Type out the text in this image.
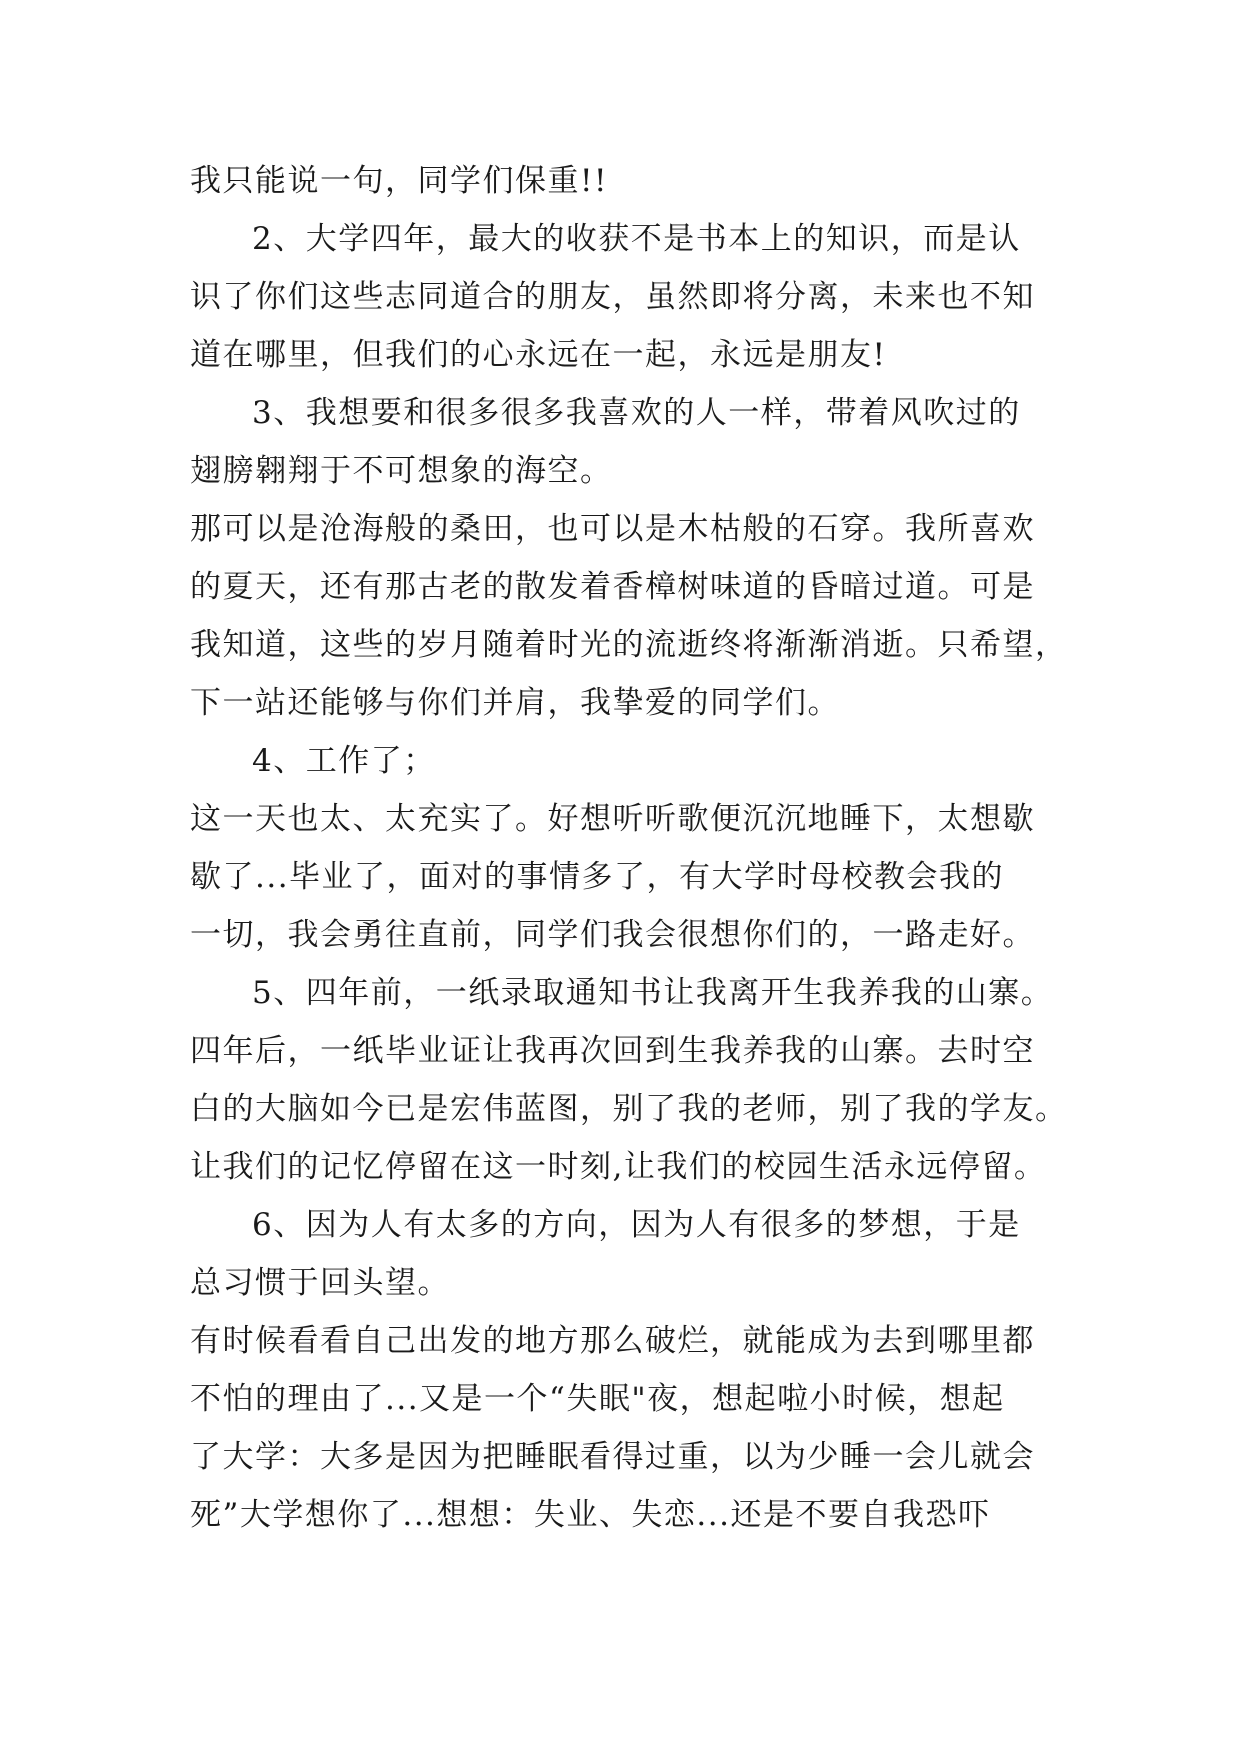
我只能说一句，同学们保重!!
2、大学四年，最大的收获不是书本上的知识，而是认
识了你们这些志同道合的朋友，虽然即将分离，未来也不知
道在哪里，但我们的心永远在一起，永远是朋友!
3、我想要和很多很多我喜欢的人一样，带着风吹过的
翅膀翱翔于不可想象的海空。
那可以是沧海般的桑田，也可以是木枯般的石穿。我所喜欢
的夏天，还有那古老的散发着香樟树味道的昏暗过道。可是
我知道，这些的岁月随着时光的流逝终将渐渐消逝。只希望，
下一站还能够与你们并肩，我挚爱的同学们。
4、工作了；
这一天也太、太充实了。好想听听歌便沉沉地睡下，太想歇
歇了...毕业了，面对的事情多了，有大学时母校教会我的
一切，我会勇往直前，同学们我会很想你们的，一路走好。
5、四年前，一纸录取通知书让我离开生我养我的山寨。
四年后，一纸毕业证让我再次回到生我养我的山寨。去时空
白的大脑如今已是宏伟蓝图，别了我的老师，别了我的学友。
让我们的记忆停留在这一时刻,让我们的校园生活永远停留。
6、因为人有太多的方向，因为人有很多的梦想，于是
总习惯于回头望。
有时候看看自己出发的地方那么破烂，就能成为去到哪里都
不怕的理由了...又是一个“失眠"夜，想起啦小时候，想起
了大学：大多是因为把睡眠看得过重，以为少睡一会儿就会
死”大学想你了...想想：失业、失恋...还是不要自我恐吓
